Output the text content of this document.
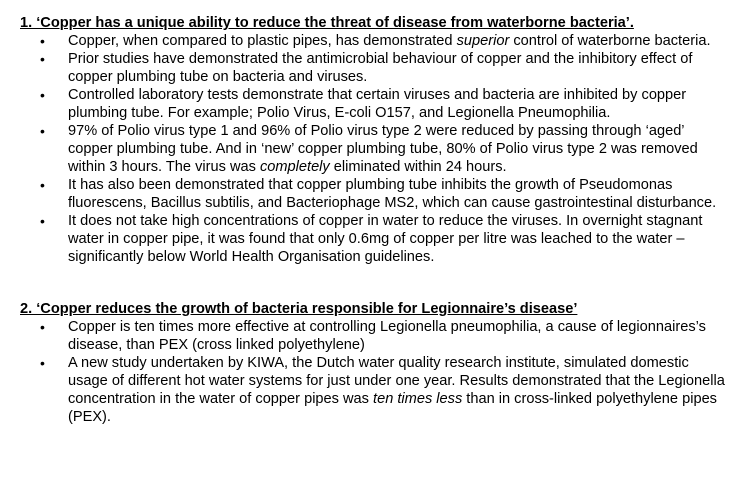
1. ‘Copper has a unique ability to reduce the threat of disease from waterborne bacteria’.

• Copper, when compared to plastic pipes, has demonstrated superior control of waterborne bacteria.
• Prior studies have demonstrated the antimicrobial behaviour of copper and the inhibitory effect of copper plumbing tube on bacteria and viruses.
• Controlled laboratory tests demonstrate that certain viruses and bacteria are inhibited by copper plumbing tube. For example; Polio Virus, E-coli O157, and Legionella Pneumophilia.
• 97% of Polio virus type 1 and 96% of Polio virus type 2 were reduced by passing through ‘aged’ copper plumbing tube. And in ‘new’ copper plumbing tube, 80% of Polio virus type 2 was removed within 3 hours. The virus was completely eliminated within 24 hours.
• It has also been demonstrated that copper plumbing tube inhibits the growth of Pseudomonas fluorescens, Bacillus subtilis, and Bacteriophage MS2, which can cause gastrointestinal disturbance.
• It does not take high concentrations of copper in water to reduce the viruses. In overnight stagnant water in copper pipe, it was found that only 0.6mg of copper per litre was leached to the water – significantly below World Health Organisation guidelines.

2. ‘Copper reduces the growth of bacteria responsible for Legionnaire’s disease’

• Copper is ten times more effective at controlling Legionella pneumophilia, a cause of legionnaires’s disease, than PEX (cross linked polyethylene)
• A new study undertaken by KIWA, the Dutch water quality research institute, simulated domestic usage of different hot water systems for just under one year. Results demonstrated that the Legionella concentration in the water of copper pipes was ten times less than in cross-linked polyethylene pipes (PEX).
